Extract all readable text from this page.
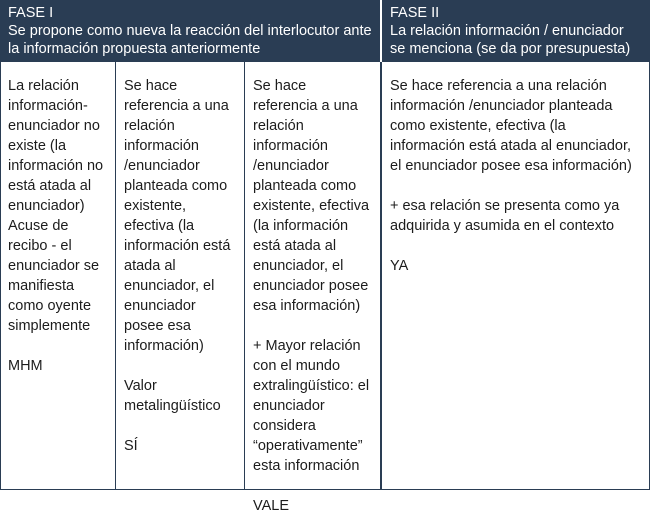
FASE I
Se propone como nueva la reacción del interlocutor ante la información propuesta anteriormente
FASE II
La relación información / enunciador se menciona (se da por presupuesta)

La relación información-enunciador no existe (la información no está atada al enunciador)

Acuse de recibo - el enunciador se manifiesta como oyente simplemente

MHM

Se hace referencia a una relación información /enunciador planteada como existente, efectiva (la información está atada al enunciador, el enunciador posee esa información)

Valor metalingüístico

SÍ

Se hace referencia a una relación información /enunciador planteada como existente, efectiva (la información está atada al enunciador, el enunciador posee esa información)

+ Mayor relación con el mundo extralingüístico: el enunciador considera “operativamente” esta información

VALE

Se hace referencia a una relación información /enunciador planteada como existente, efectiva (la información está atada al enunciador, el enunciador posee esa información)

+ esa relación se presenta como ya adquirida y asumida en el contexto

YA
